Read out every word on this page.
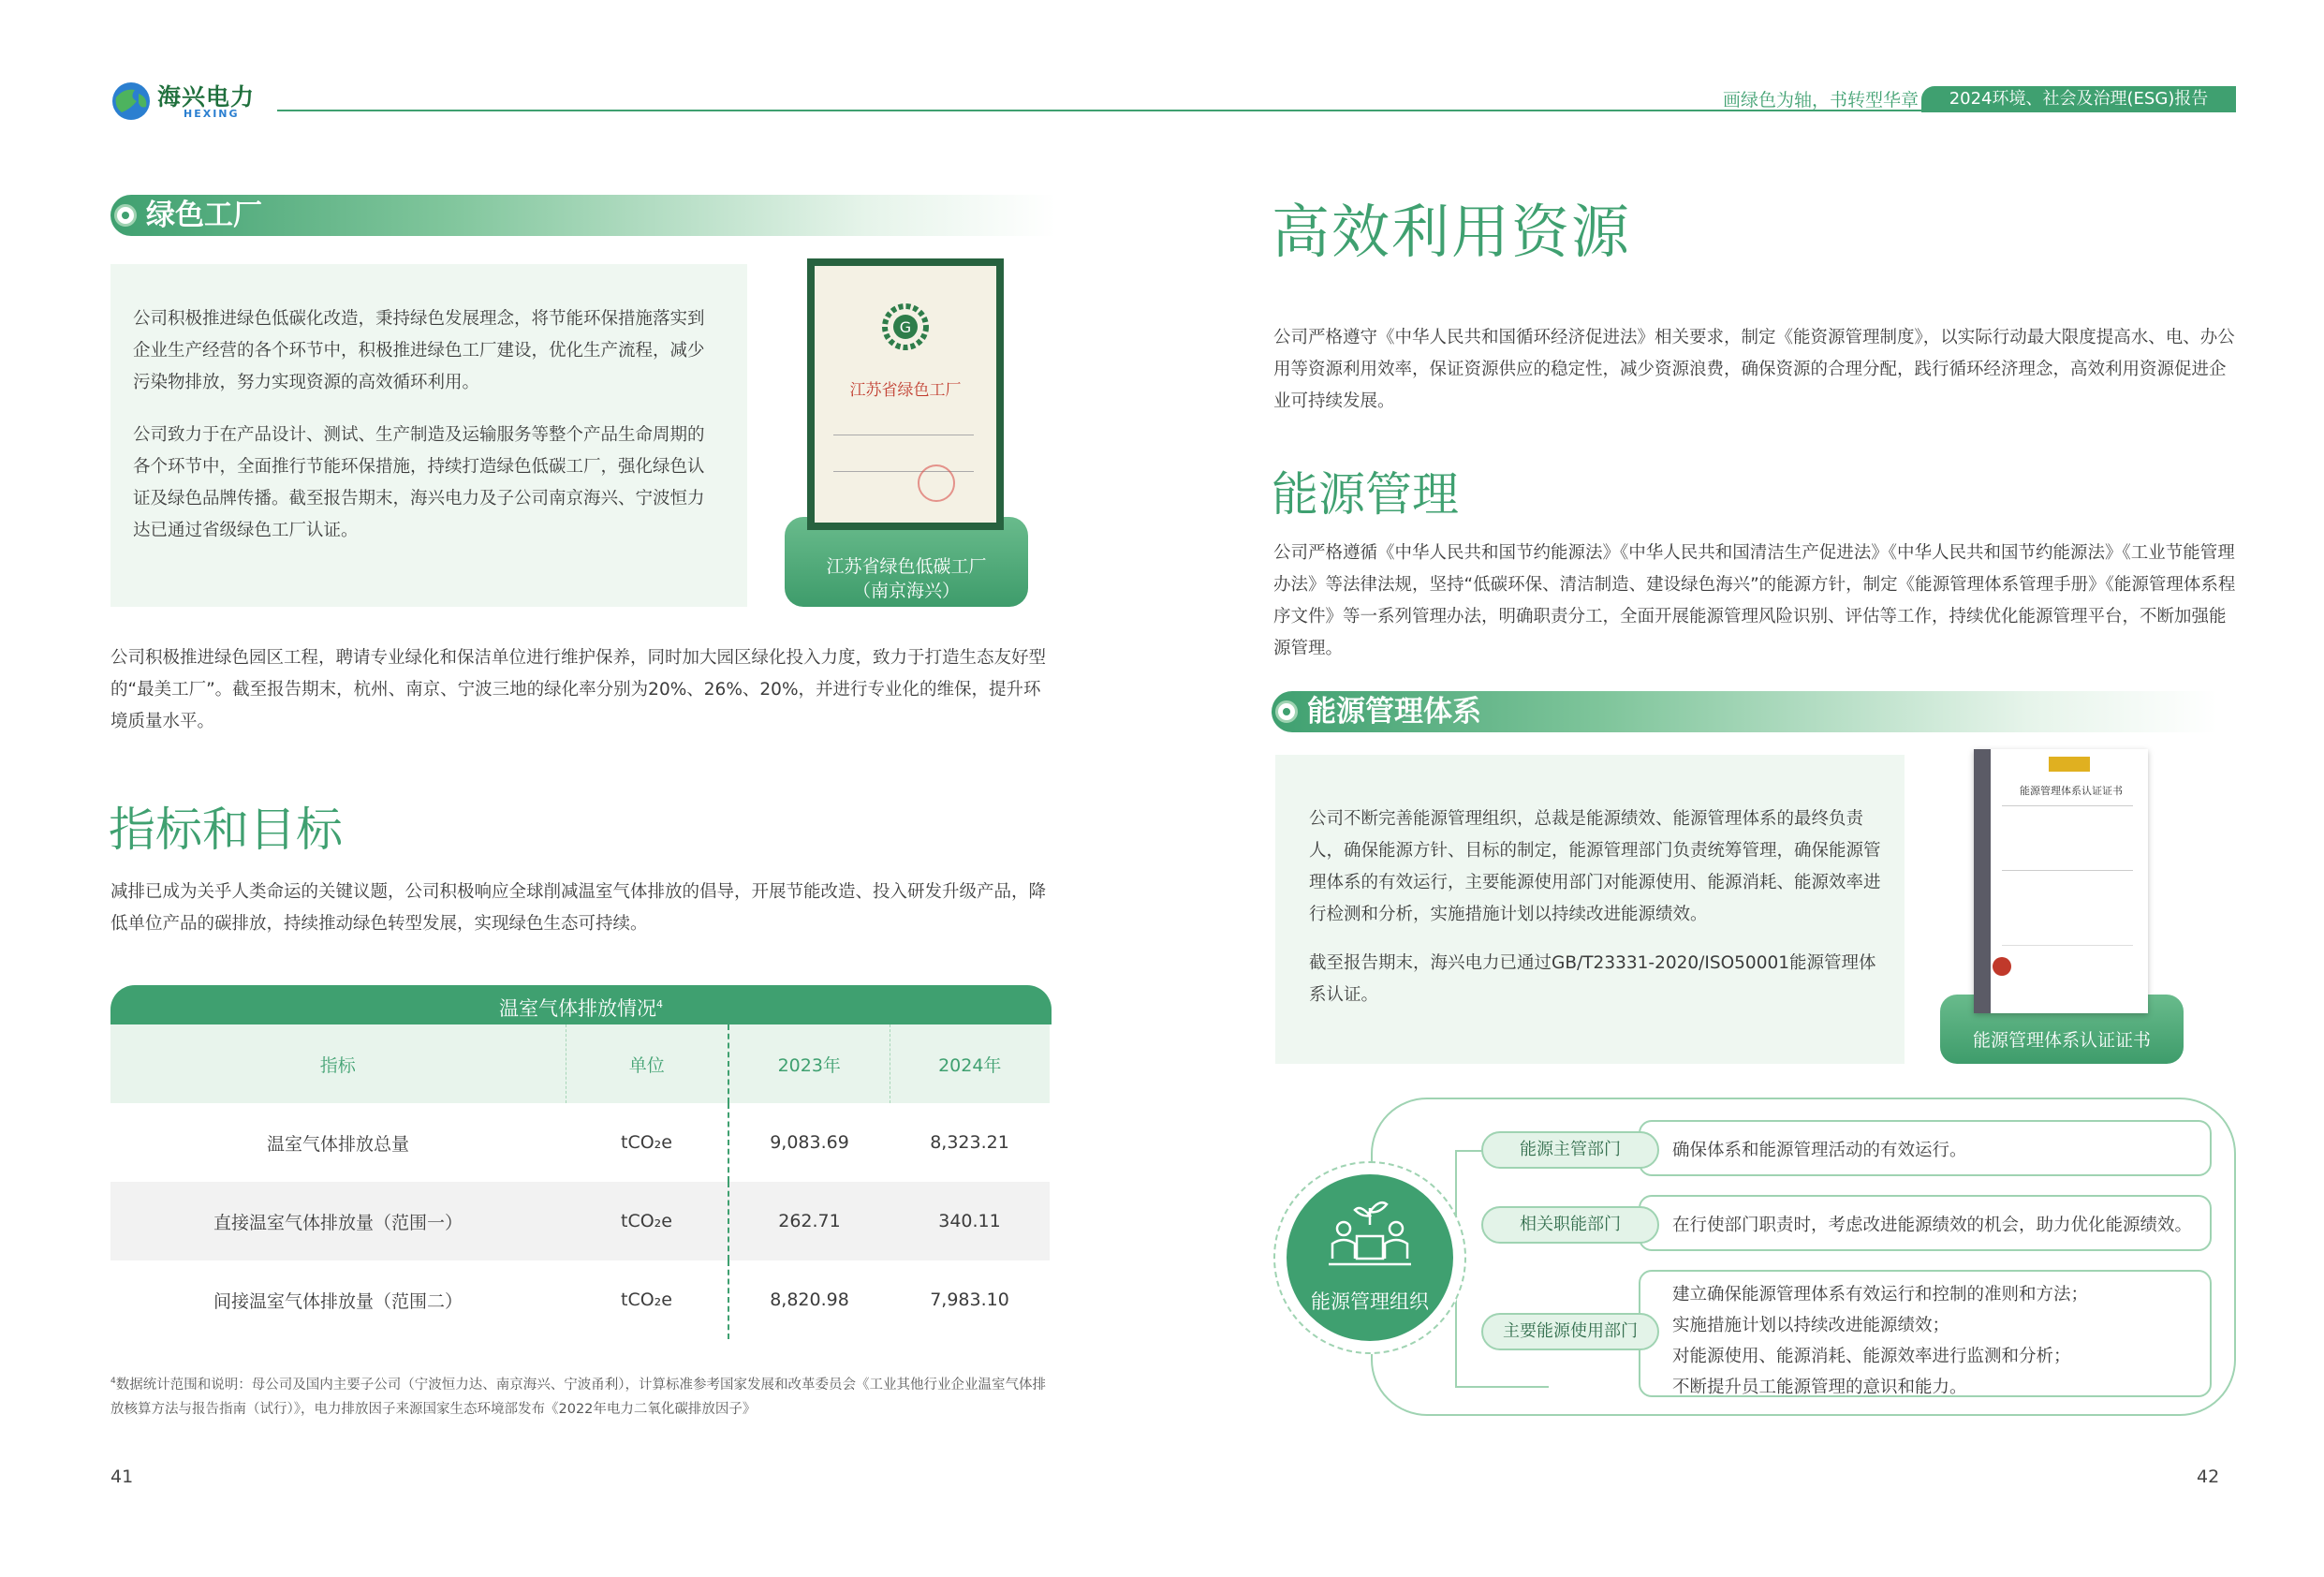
海兴电力
HEXING
画绿色为轴，书转型华章	2024环境、社会及治理(ESG)报告
绿色工厂
公司积极推进绿色低碳化改造，秉持绿色发展理念，将节能环保措施落实到企业生产经营的各个环节中，积极推进绿色工厂建设，优化生产流程，减少污染物排放，努力实现资源的高效循环利用。
公司致力于在产品设计、测试、生产制造及运输服务等整个产品生命周期的各个环节中，全面推行节能环保措施，持续打造绿色低碳工厂，强化绿色认证及绿色品牌传播。截至报告期末，海兴电力及子公司南京海兴、宁波恒力达已通过省级绿色工厂认证。
G
江苏省绿色工厂
江苏省绿色低碳工厂
（南京海兴）
公司积极推进绿色园区工程，聘请专业绿化和保洁单位进行维护保养，同时加大园区绿化投入力度，致力于打造生态友好型的“最美工厂”。截至报告期末，杭州、南京、宁波三地的绿化率分别为20%、26%、20%，并进行专业化的维保，提升环境质量水平。
指标和目标
减排已成为关乎人类命运的关键议题，公司积极响应全球削减温室气体排放的倡导，开展节能改造、投入研发升级产品，降低单位产品的碳排放，持续推动绿色转型发展，实现绿色生态可持续。
温室气体排放情况$^4$
指标	单位	2023年	2024年
温室气体排放总量	tCO₂e	9,083.69	8,323.21
直接温室气体排放量（范围一）	tCO₂e	262.71	340.11
间接温室气体排放量（范围二）	tCO₂e	8,820.98	7,983.10
$^4$数据统计范围和说明：母公司及国内主要子公司（宁波恒力达、南京海兴、宁波甬利），计算标准参考国家发展和改革委员会《工业其他行业企业温室气体排放核算方法与报告指南（试行）》，电力排放因子来源国家生态环境部发布《2022年电力二氧化碳排放因子》
41
高效利用资源
公司严格遵守《中华人民共和国循环经济促进法》相关要求，制定《能资源管理制度》，以实际行动最大限度提高水、电、办公用等资源利用效率，保证资源供应的稳定性，减少资源浪费，确保资源的合理分配，践行循环经济理念，高效利用资源促进企业可持续发展。
能源管理
公司严格遵循《中华人民共和国节约能源法》《中华人民共和国清洁生产促进法》《中华人民共和国节约能源法》《工业节能管理办法》等法律法规，坚持“低碳环保、清洁制造、建设绿色海兴”的能源方针，制定《能源管理体系管理手册》《能源管理体系程序文件》等一系列管理办法，明确职责分工，全面开展能源管理风险识别、评估等工作，持续优化能源管理平台，不断加强能源管理。
能源管理体系
公司不断完善能源管理组织，总裁是能源绩效、能源管理体系的最终负责人，确保能源方针、目标的制定，能源管理部门负责统筹管理，确保能源管理体系的有效运行，主要能源使用部门对能源使用、能源消耗、能源效率进行检测和分析，实施措施计划以持续改进能源绩效。
截至报告期末，海兴电力已通过GB/T23331-2020/ISO50001能源管理体系认证。
能源管理体系认证证书
能源管理体系认证证书
能源管理组织
确保体系和能源管理活动的有效运行。
能源主管部门
在行使部门职责时，考虑改进能源绩效的机会，助力优化能源绩效。
相关职能部门
建立确保能源管理体系有效运行和控制的准则和方法；
实施措施计划以持续改进能源绩效；
对能源使用、能源消耗、能源效率进行监测和分析；
不断提升员工能源管理的意识和能力。
主要能源使用部门
42
